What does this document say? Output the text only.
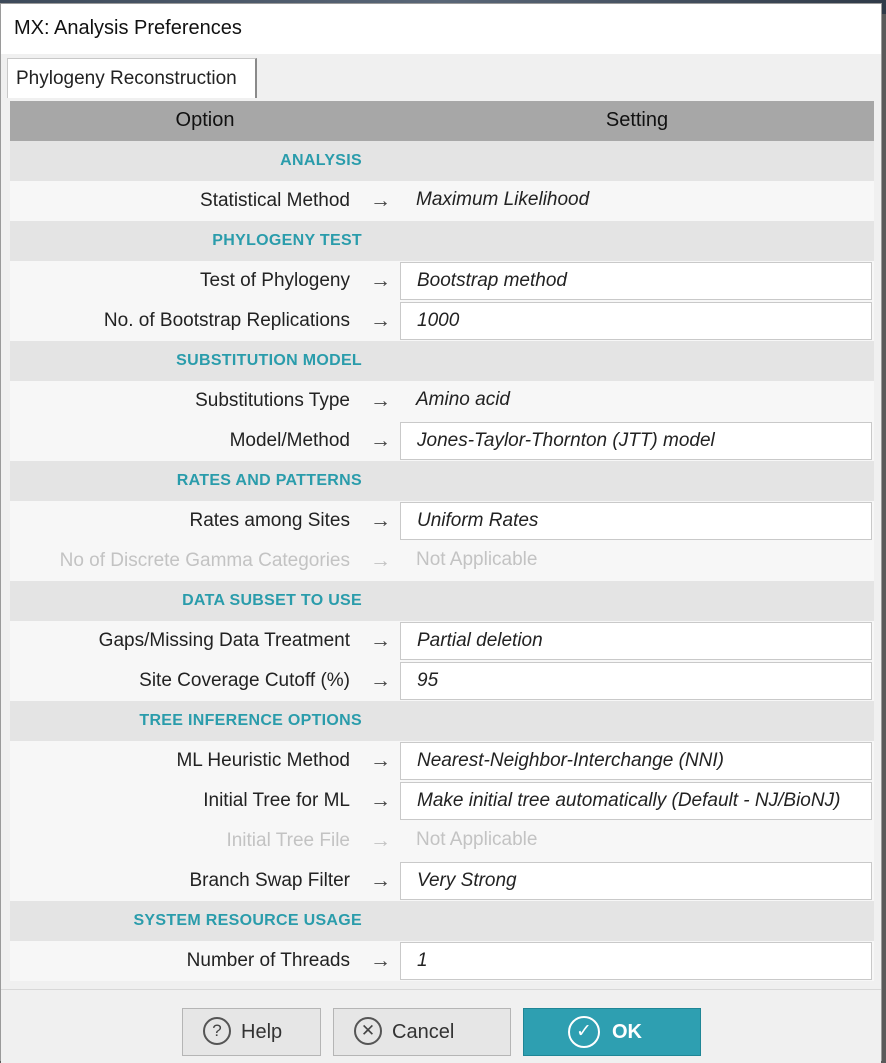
MX: Analysis Preferences
Phylogeny Reconstruction
Option	Setting
ANALYSIS
Statistical Method → Maximum Likelihood
PHYLOGENY TEST
Test of Phylogeny → Bootstrap method
No. of Bootstrap Replications → 1000
SUBSTITUTION MODEL
Substitutions Type → Amino acid
Model/Method → Jones-Taylor-Thornton (JTT) model
RATES AND PATTERNS
Rates among Sites → Uniform Rates
No of Discrete Gamma Categories → Not Applicable
DATA SUBSET TO USE
Gaps/Missing Data Treatment → Partial deletion
Site Coverage Cutoff (%) → 95
TREE INFERENCE OPTIONS
ML Heuristic Method → Nearest-Neighbor-Interchange (NNI)
Initial Tree for ML → Make initial tree automatically (Default - NJ/BioNJ)
Initial Tree File → Not Applicable
Branch Swap Filter → Very Strong
SYSTEM RESOURCE USAGE
Number of Threads → 1
? Help	✕ Cancel	✓	OK
